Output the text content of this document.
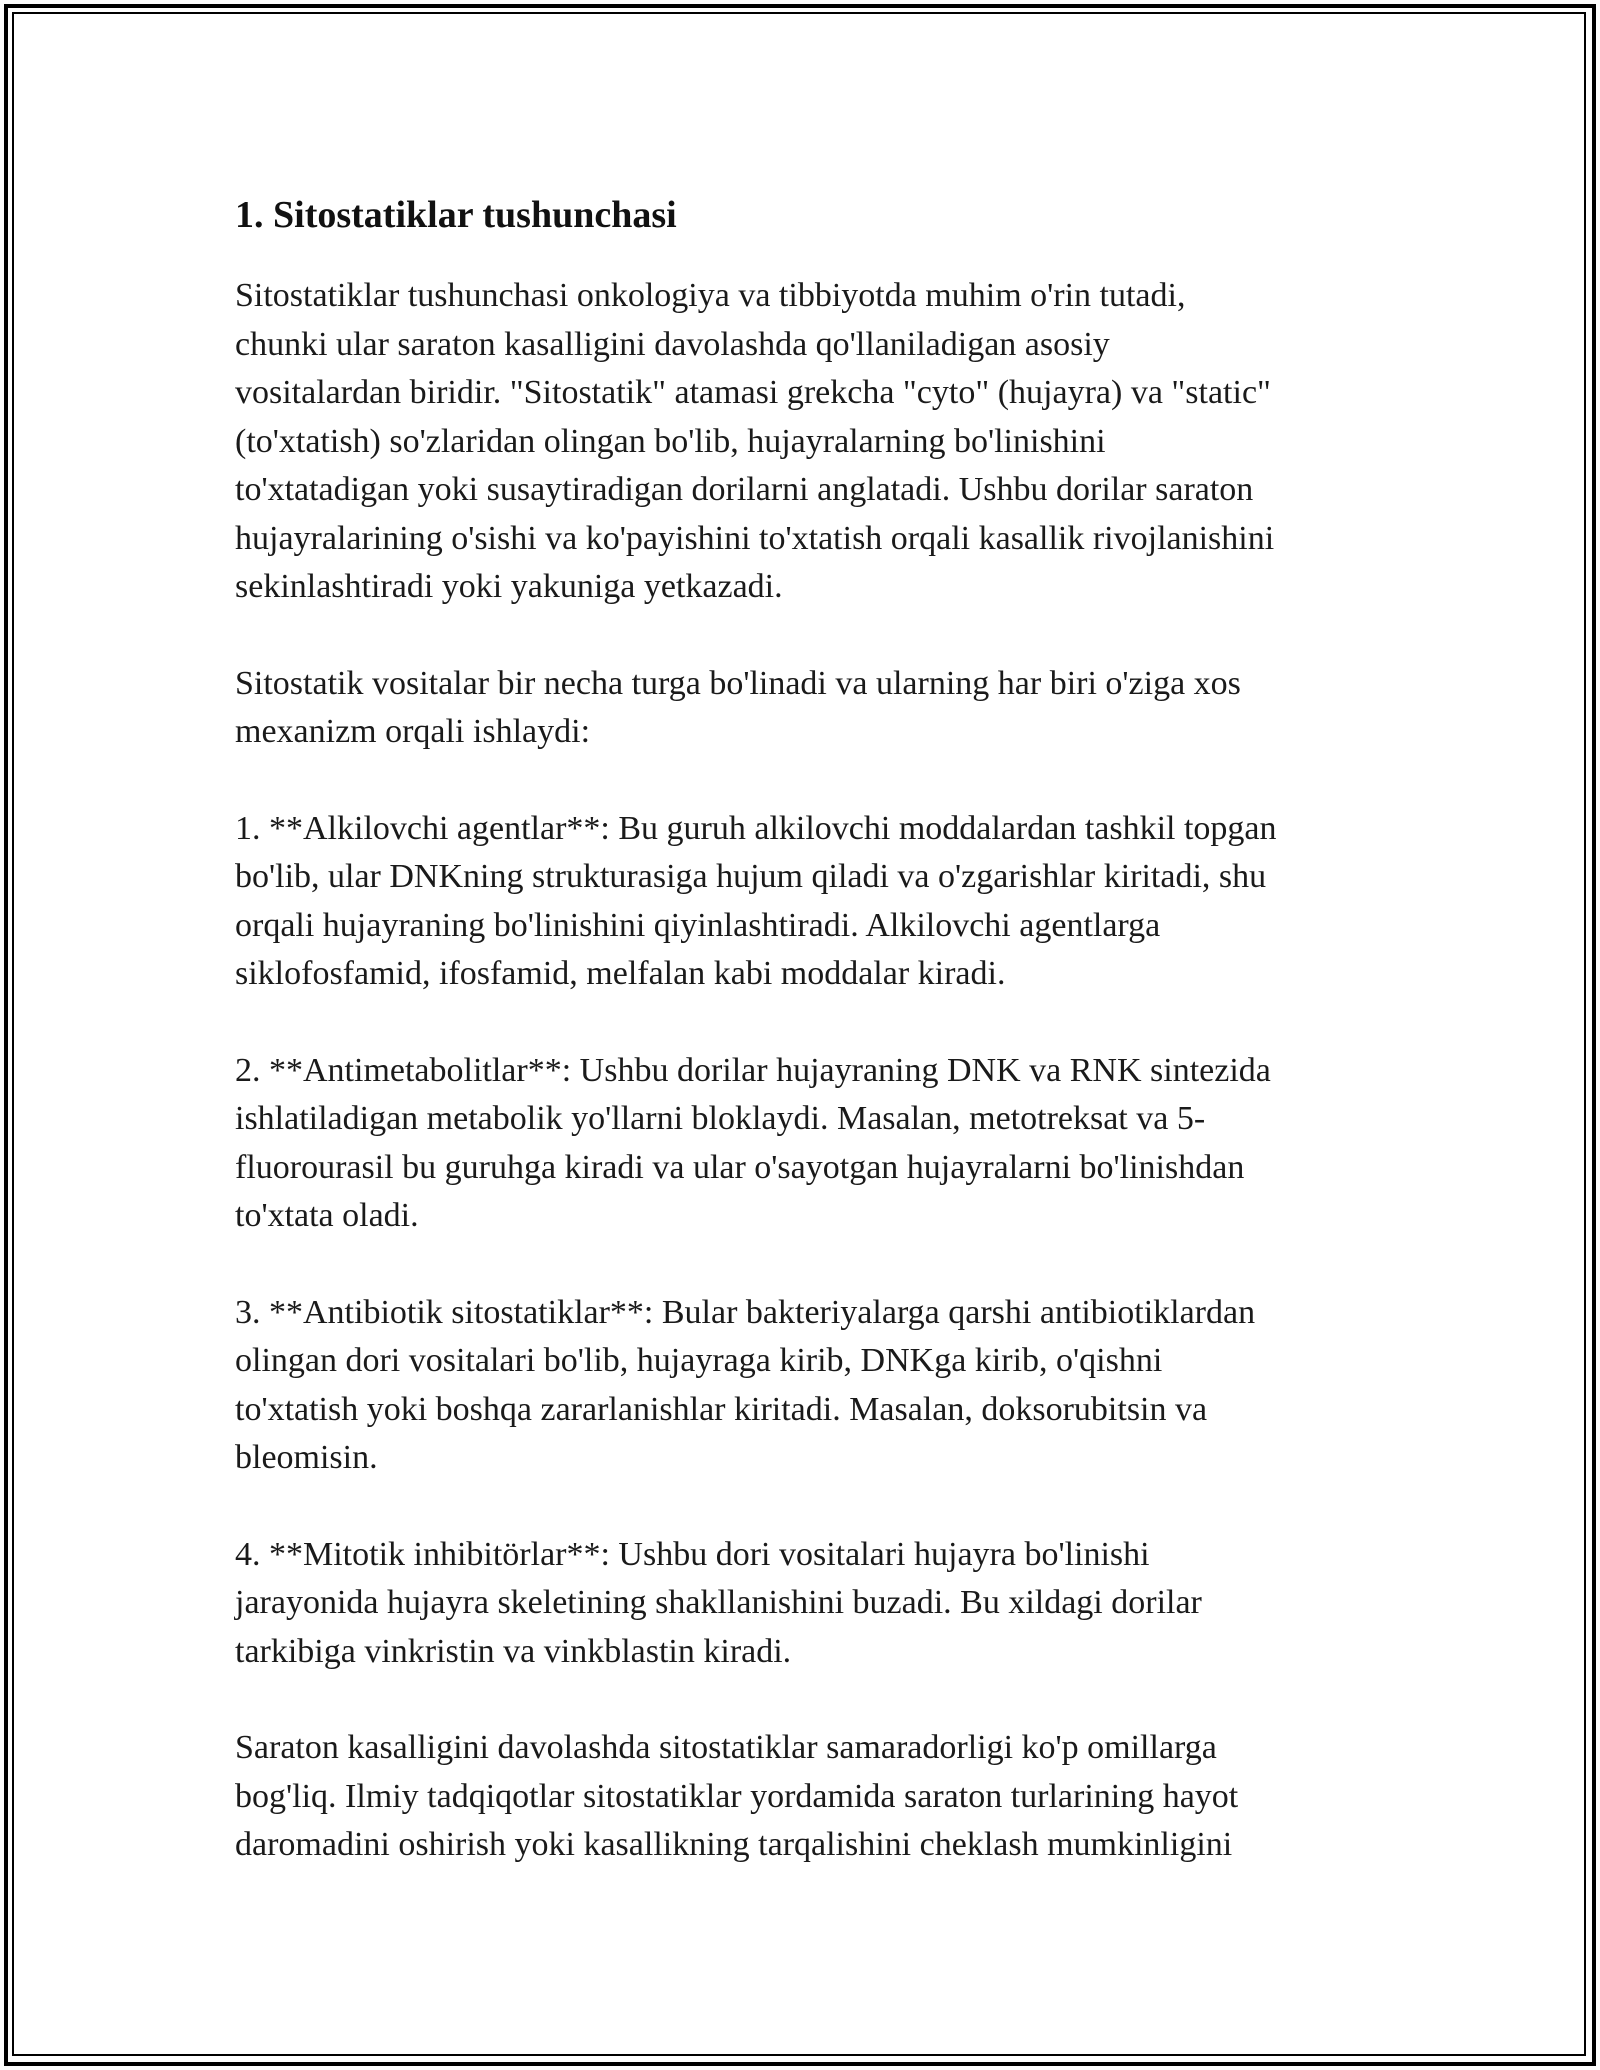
1. Sitostatiklar tushunchasi

Sitostatiklar tushunchasi onkologiya va tibbiyotda muhim o'rin tutadi,
chunki ular saraton kasalligini davolashda qo'llaniladigan asosiy
vositalardan biridir. "Sitostatik" atamasi grekcha "cyto" (hujayra) va "static"
(to'xtatish) so'zlaridan olingan bo'lib, hujayralarning bo'linishini
to'xtatadigan yoki susaytiradigan dorilarni anglatadi. Ushbu dorilar saraton
hujayralarining o'sishi va ko'payishini to'xtatish orqali kasallik rivojlanishini
sekinlashtiradi yoki yakuniga yetkazadi.

Sitostatik vositalar bir necha turga bo'linadi va ularning har biri o'ziga xos
mexanizm orqali ishlaydi:

1. **Alkilovchi agentlar**: Bu guruh alkilovchi moddalardan tashkil topgan
bo'lib, ular DNKning strukturasiga hujum qiladi va o'zgarishlar kiritadi, shu
orqali hujayraning bo'linishini qiyinlashtiradi. Alkilovchi agentlarga
siklofosfamid, ifosfamid, melfalan kabi moddalar kiradi.

2. **Antimetabolitlar**: Ushbu dorilar hujayraning DNK va RNK sintezida
ishlatiladigan metabolik yo'llarni bloklaydi. Masalan, metotreksat va 5-
fluorourasil bu guruhga kiradi va ular o'sayotgan hujayralarni bo'linishdan
to'xtata oladi.

3. **Antibiotik sitostatiklar**: Bular bakteriyalarga qarshi antibiotiklardan
olingan dori vositalari bo'lib, hujayraga kirib, DNKga kirib, o'qishni
to'xtatish yoki boshqa zararlanishlar kiritadi. Masalan, doksorubitsin va
bleomisin.

4. **Mitotik inhibitörlar**: Ushbu dori vositalari hujayra bo'linishi
jarayonida hujayra skeletining shakllanishini buzadi. Bu xildagi dorilar
tarkibiga vinkristin va vinkblastin kiradi.

Saraton kasalligini davolashda sitostatiklar samaradorligi ko'p omillarga
bog'liq. Ilmiy tadqiqotlar sitostatiklar yordamida saraton turlarining hayot
daromadini oshirish yoki kasallikning tarqalishini cheklash mumkinligini
